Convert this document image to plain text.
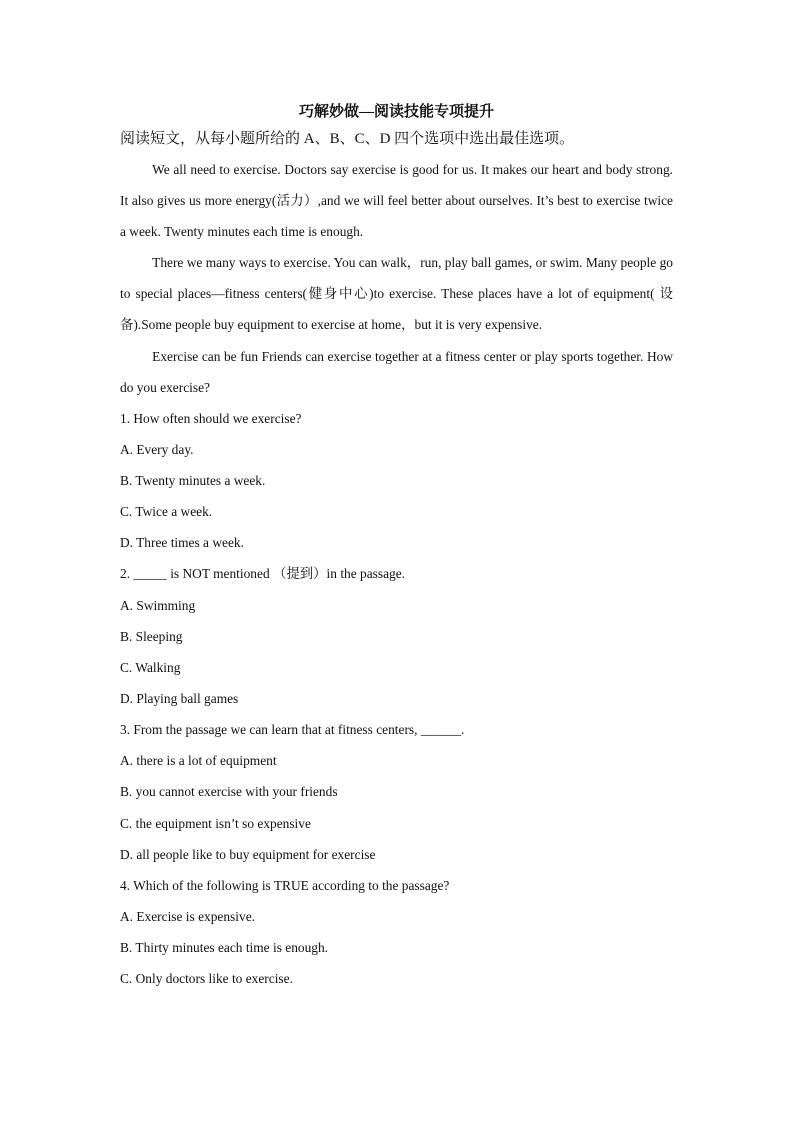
巧解妙做—阅读技能专项提升

阅读短文，从每小题所给的 A、B、C、D 四个选项中选出最佳选项。

We all need to exercise. Doctors say exercise is good for us. It makes our heart and body strong. It also gives us more energy(活力）,and we will feel better about ourselves. It’s best to exercise twice a week. Twenty minutes each time is enough.

There we many ways to exercise. You can walk，run, play ball games, or swim. Many people go to special places—fitness centers(健身中心)to exercise. These places have a lot of equipment( 设备).Some people buy equipment to exercise at home，but it is very expensive.

Exercise can be fun Friends can exercise together at a fitness center or play sports together. How do you exercise?

1. How often should we exercise?

A. Every day.
B. Twenty minutes a week.
C. Twice a week.
D. Three times a week.

2. _____ is NOT mentioned （提到）in the passage.

A. Swimming
B. Sleeping
C. Walking
D. Playing ball games

3. From the passage we can learn that at fitness centers, ______.

A. there is a lot of equipment
B. you cannot exercise with your friends
C. the equipment isn’t so expensive
D. all people like to buy equipment for exercise

4. Which of the following is TRUE according to the passage?

A. Exercise is expensive.
B. Thirty minutes each time is enough.
C. Only doctors like to exercise.
